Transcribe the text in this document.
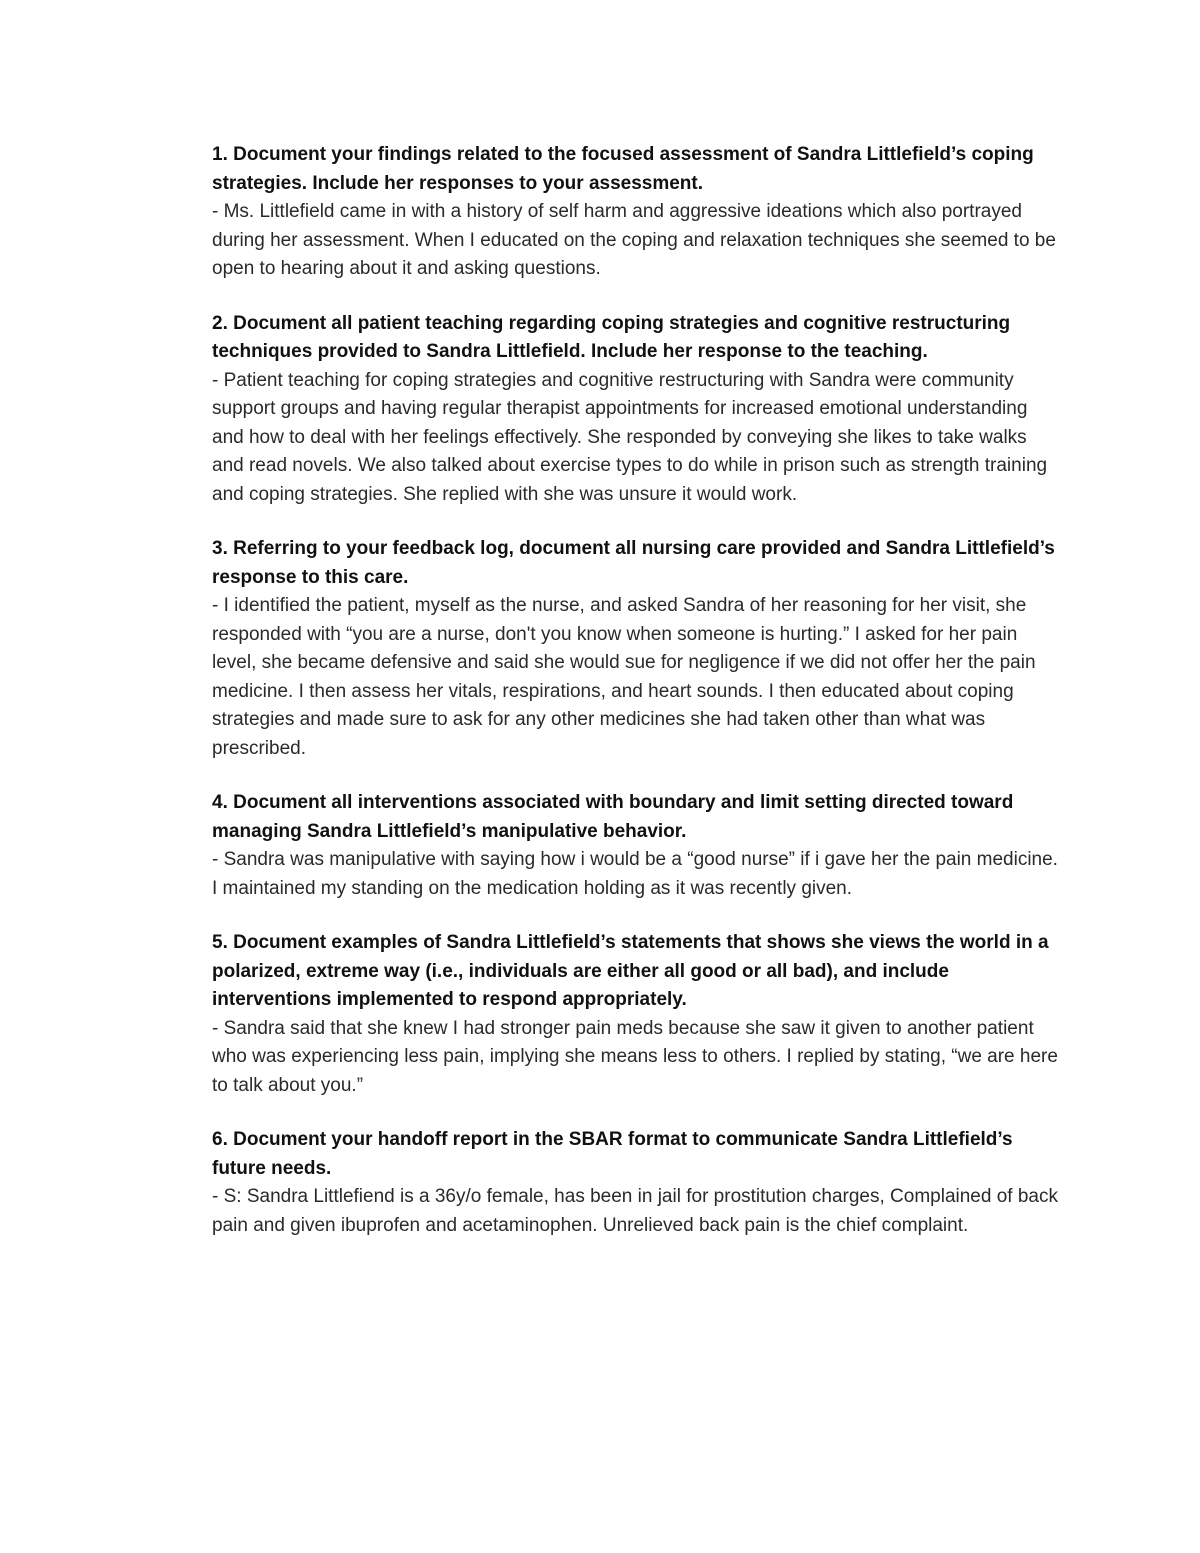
1. Document your findings related to the focused assessment of Sandra Littlefield’s coping strategies. Include her responses to your assessment.

- Ms. Littlefield came in with a history of self harm and aggressive ideations which also portrayed during her assessment. When I educated on the coping and relaxation techniques she seemed to be open to hearing about it and asking questions.

2. Document all patient teaching regarding coping strategies and cognitive restructuring techniques provided to Sandra Littlefield. Include her response to the teaching.

- Patient teaching for coping strategies and cognitive restructuring with Sandra were community support groups and having regular therapist appointments for increased emotional understanding and how to deal with her feelings effectively. She responded by conveying she likes to take walks and read novels. We also talked about exercise types to do while in prison such as strength training and coping strategies. She replied with she was unsure it would work.

3. Referring to your feedback log, document all nursing care provided and Sandra Littlefield’s response to this care.

- I identified the patient, myself as the nurse, and asked Sandra of her reasoning for her visit, she responded with “you are a nurse, don't you know when someone is hurting.” I asked for her pain level, she became defensive and said she would sue for negligence if we did not offer her the pain medicine. I then assess her vitals, respirations, and heart sounds. I then educated about coping strategies and made sure to ask for any other medicines she had taken other than what was prescribed.

4. Document all interventions associated with boundary and limit setting directed toward managing Sandra Littlefield’s manipulative behavior.

- Sandra was manipulative with saying how i would be a “good nurse” if i gave her the pain medicine. I maintained my standing on the medication holding as it was recently given.

5. Document examples of Sandra Littlefield’s statements that shows she views the world in a polarized, extreme way (i.e., individuals are either all good or all bad), and include interventions implemented to respond appropriately.

- Sandra said that she knew I had stronger pain meds because she saw it given to another patient who was experiencing less pain, implying she means less to others. I replied by stating, “we are here to talk about you.”

6. Document your handoff report in the SBAR format to communicate Sandra Littlefield’s future needs.

- S: Sandra Littlefiend is a 36y/o female, has been in jail for prostitution charges, Complained of back pain and given ibuprofen and acetaminophen. Unrelieved back pain is the chief complaint.
